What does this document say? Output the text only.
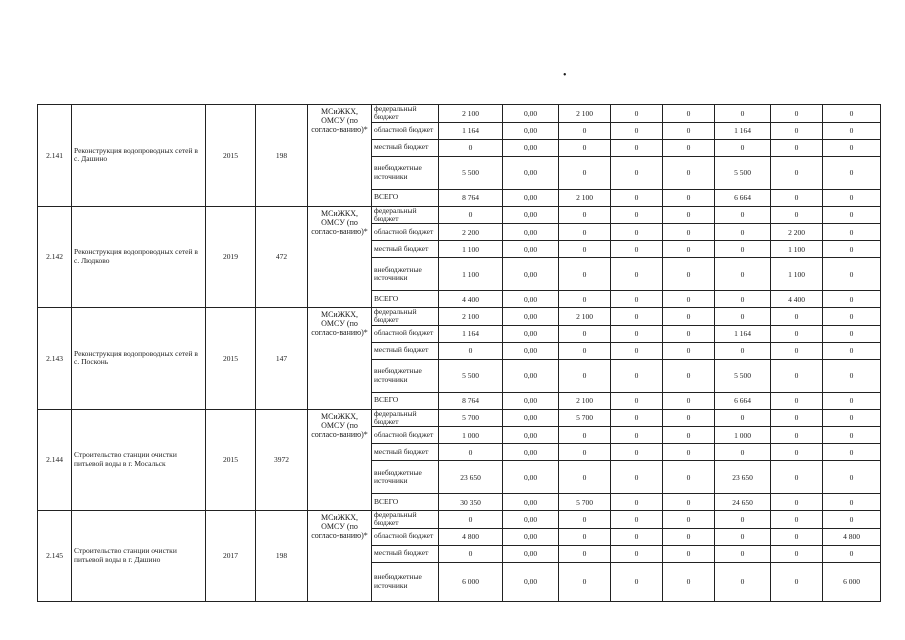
•
2.141	Реконструкция водопроводных сетей в с. Дашино	2015	198	МСиЖКХ, ОМСУ (по согласо-ванию)*	федеральный бюджет	2 100	0,00	2 100	0	0	0	0	0
					областной бюджет	1 164	0,00	0	0	0	1 164	0	0
					местный бюджет	0	0,00	0	0	0	0	0	0
					внебюджетные источники	5 500	0,00	0	0	0	5 500	0	0
					ВСЕГО	8 764	0,00	2 100	0	0	6 664	0	0
2.142	Реконструкция водопроводных сетей в с. Людково	2019	472	МСиЖКХ, ОМСУ (по согласо-ванию)*	федеральный бюджет	0	0,00	0	0	0	0	0	0
					областной бюджет	2 200	0,00	0	0	0	0	2 200	0
					местный бюджет	1 100	0,00	0	0	0	0	1 100	0
					внебюджетные источники	1 100	0,00	0	0	0	0	1 100	0
					ВСЕГО	4 400	0,00	0	0	0	0	4 400	0
2.143	Реконструкция водопроводных сетей в с. Посконь	2015	147	МСиЖКХ, ОМСУ (по согласо-ванию)*	федеральный бюджет	2 100	0,00	2 100	0	0	0	0	0
					областной бюджет	1 164	0,00	0	0	0	1 164	0	0
					местный бюджет	0	0,00	0	0	0	0	0	0
					внебюджетные источники	5 500	0,00	0	0	0	5 500	0	0
					ВСЕГО	8 764	0,00	2 100	0	0	6 664	0	0
2.144	Строительство станции очистки питьевой воды в г. Мосальск	2015	3972	МСиЖКХ, ОМСУ (по согласо-ванию)*	федеральный бюджет	5 700	0,00	5 700	0	0	0	0	0
					областной бюджет	1 000	0,00	0	0	0	1 000	0	0
					местный бюджет	0	0,00	0	0	0	0	0	0
					внебюджетные источники	23 650	0,00	0	0	0	23 650	0	0
					ВСЕГО	30 350	0,00	5 700	0	0	24 650	0	0
2.145	Строительство станции очистки питьевой воды в г. Дашино	2017	198	МСиЖКХ, ОМСУ (по согласо-ванию)*	федеральный бюджет	0	0,00	0	0	0	0	0	0
					областной бюджет	4 800	0,00	0	0	0	0	0	4 800
					местный бюджет	0	0,00	0	0	0	0	0	0
					внебюджетные источники	6 000	0,00	0	0	0	0	0	6 000
